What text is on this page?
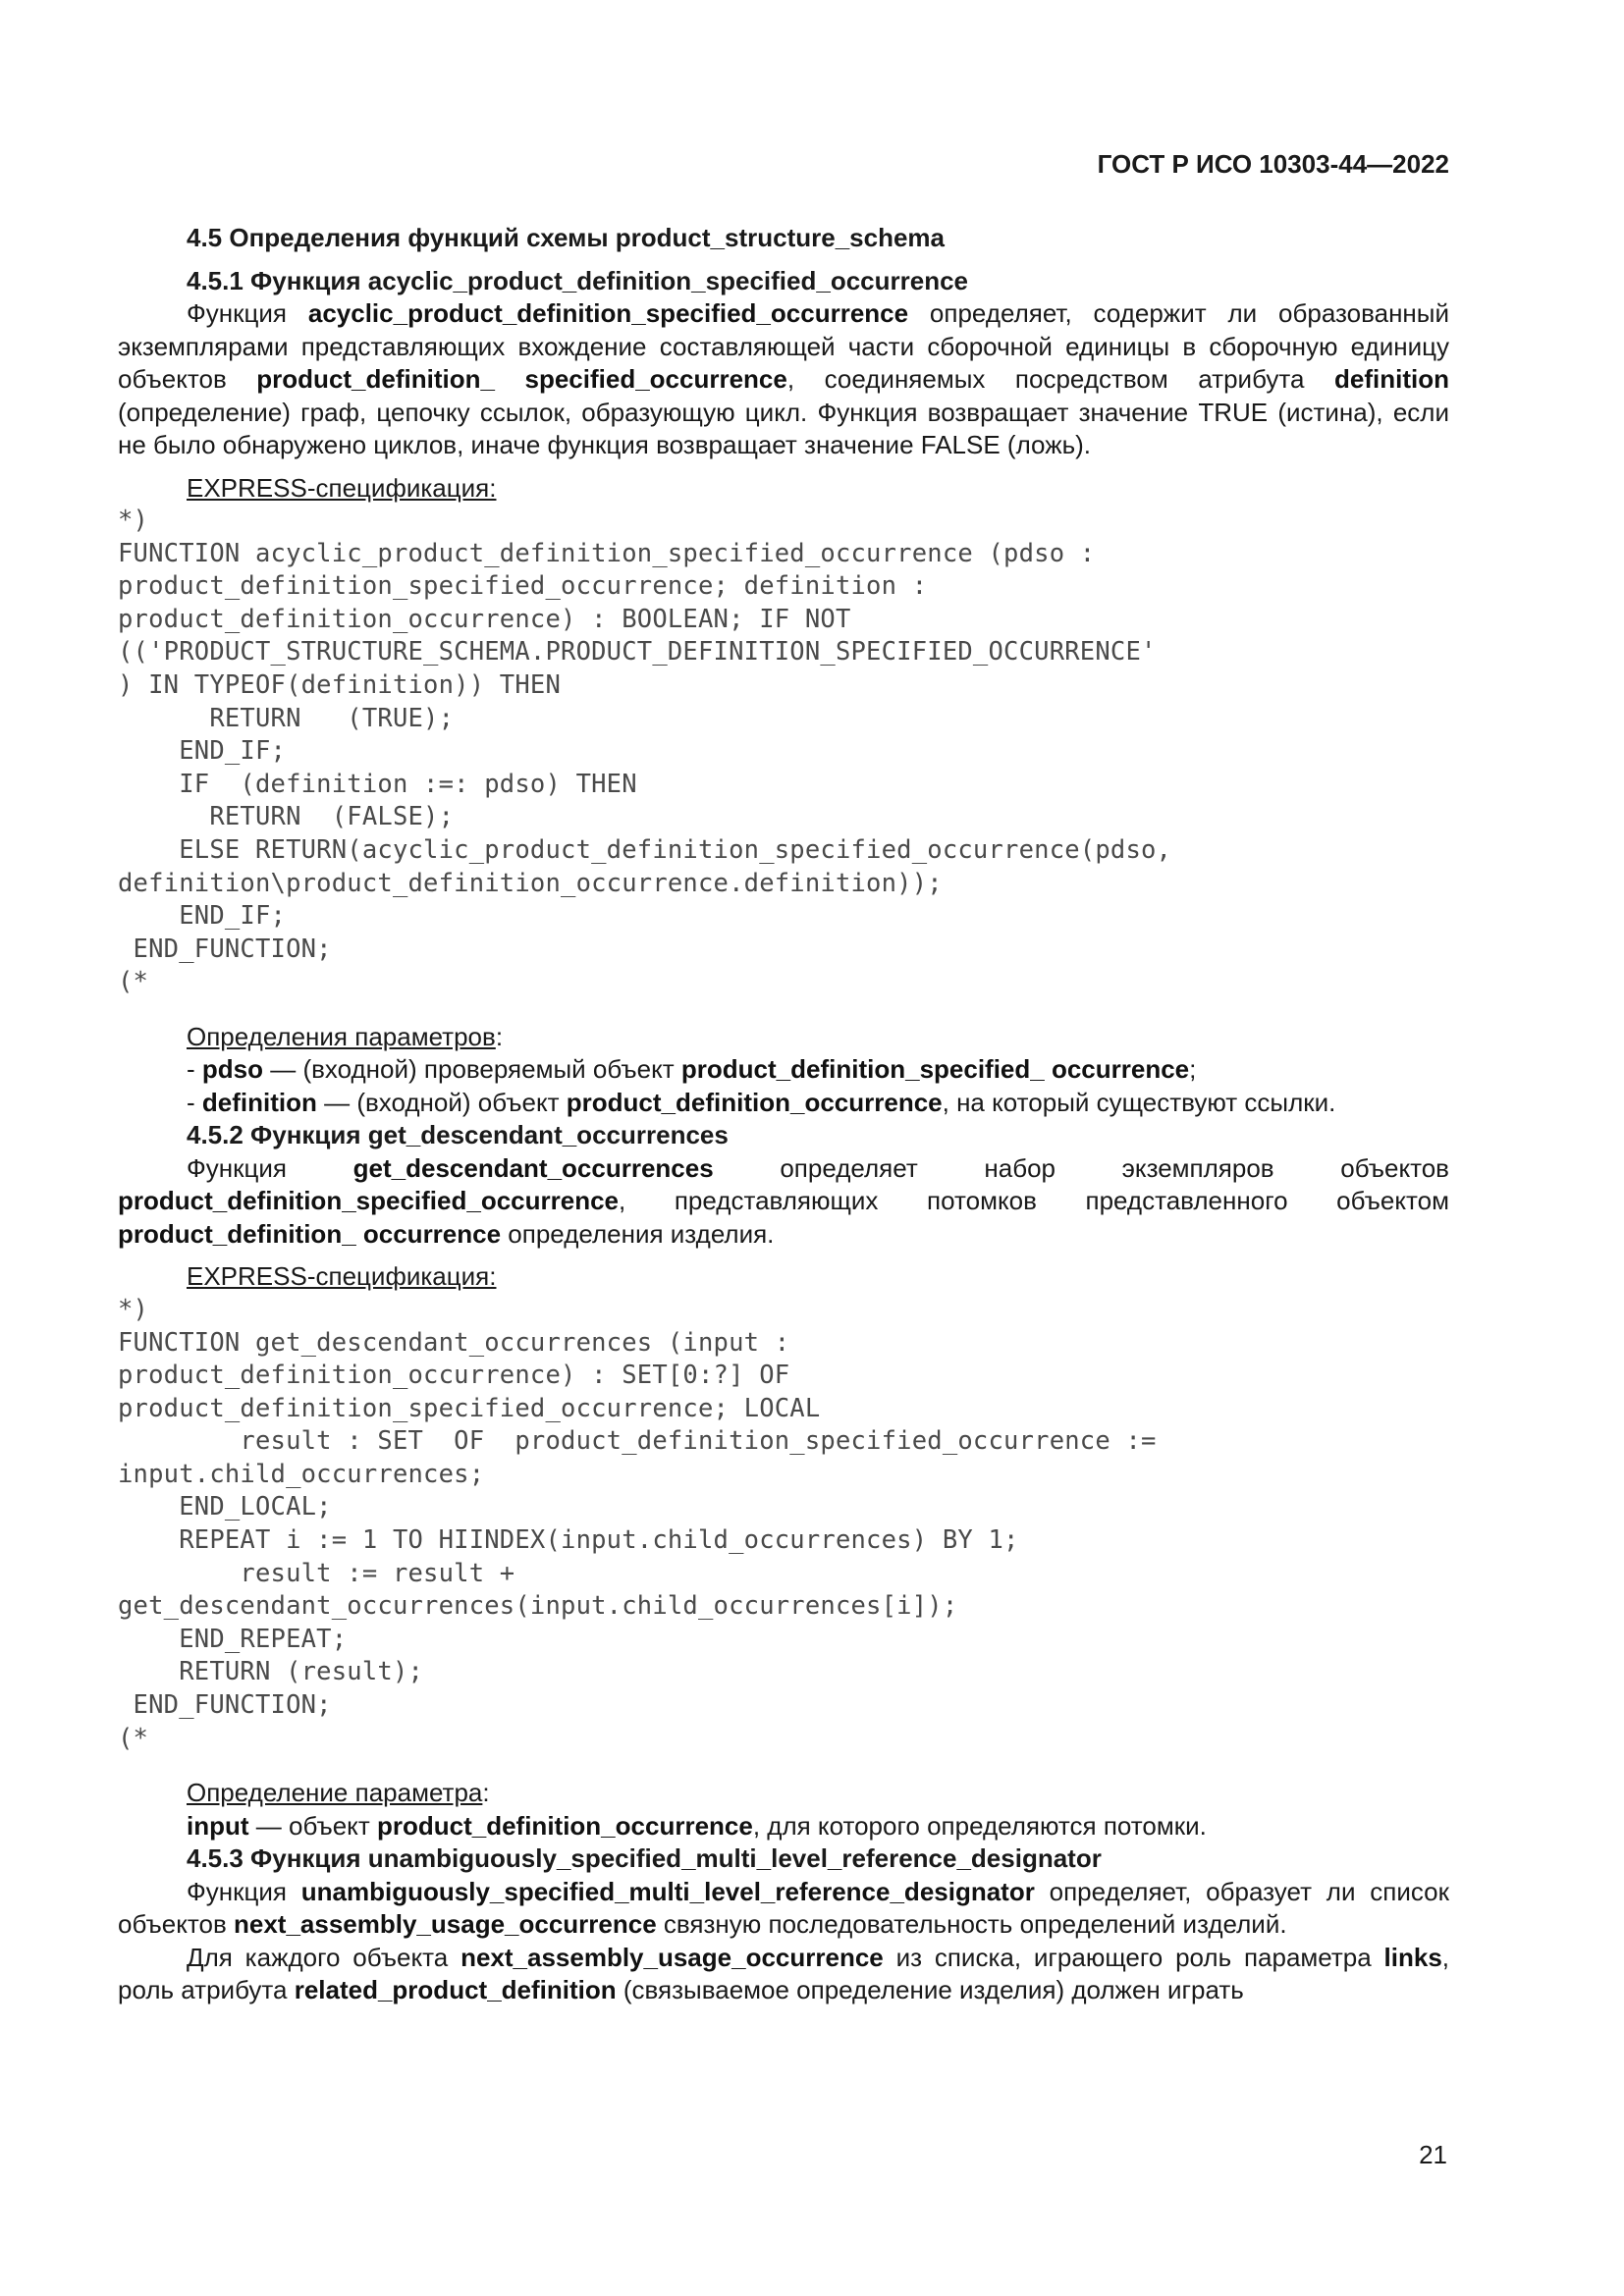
ГОСТ Р ИСО 10303-44—2022

4.5 Определения функций схемы product_structure_schema

4.5.1 Функция acyclic_product_definition_specified_occurrence

Функция acyclic_product_definition_specified_occurrence определяет, содержит ли образованный экземплярами представляющих вхождение составляющей части сборочной единицы в сборочную единицу объектов product_definition_ specified_occurrence, соединяемых посредством атрибута definition (определение) граф, цепочку ссылок, образующую цикл. Функция возвращает значение TRUE (истина), если не было обнаружено циклов, иначе функция возвращает значение FALSE (ложь).

EXPRESS-спецификация:

*)
FUNCTION acyclic_product_definition_specified_occurrence (pdso :
product_definition_specified_occurrence; definition :
product_definition_occurrence) : BOOLEAN; IF NOT
(('PRODUCT_STRUCTURE_SCHEMA.PRODUCT_DEFINITION_SPECIFIED_OCCURRENCE'
) IN TYPEOF(definition)) THEN
RETURN   (TRUE);
END_IF;
IF  (definition :=: pdso) THEN
RETURN  (FALSE);
ELSE RETURN(acyclic_product_definition_specified_occurrence(pdso,
definition\product_definition_occurrence.definition));
END_IF;
END_FUNCTION;
(*

Определения параметров:

- pdso — (входной) проверяемый объект product_definition_specified_ occurrence;

- definition — (входной) объект product_definition_occurrence, на который существуют ссылки.

4.5.2 Функция get_descendant_occurrences

Функция get_descendant_occurrences определяет набор экземпляров объектов product_definition_specified_occurrence, представляющих потомков представленного объектом product_definition_ occurrence определения изделия.

EXPRESS-спецификация:

*)
FUNCTION get_descendant_occurrences (input :
product_definition_occurrence) : SET[0:?] OF
product_definition_specified_occurrence; LOCAL
result : SET  OF  product_definition_specified_occurrence :=
input.child_occurrences;
END_LOCAL;
REPEAT i := 1 TO HIINDEX(input.child_occurrences) BY 1;
result := result +
get_descendant_occurrences(input.child_occurrences[i]);
END_REPEAT;
RETURN (result);
END_FUNCTION;
(*

Определение параметра:

input — объект product_definition_occurrence, для которого определяются потомки.

4.5.3 Функция unambiguously_specified_multi_level_reference_designator

Функция unambiguously_specified_multi_level_reference_designator определяет, образует ли список объектов next_assembly_usage_occurrence связную последовательность определений изделий.

Для каждого объекта next_assembly_usage_occurrence из списка, играющего роль параметра links, роль атрибута related_product_definition (связываемое определение изделия) должен играть

21
